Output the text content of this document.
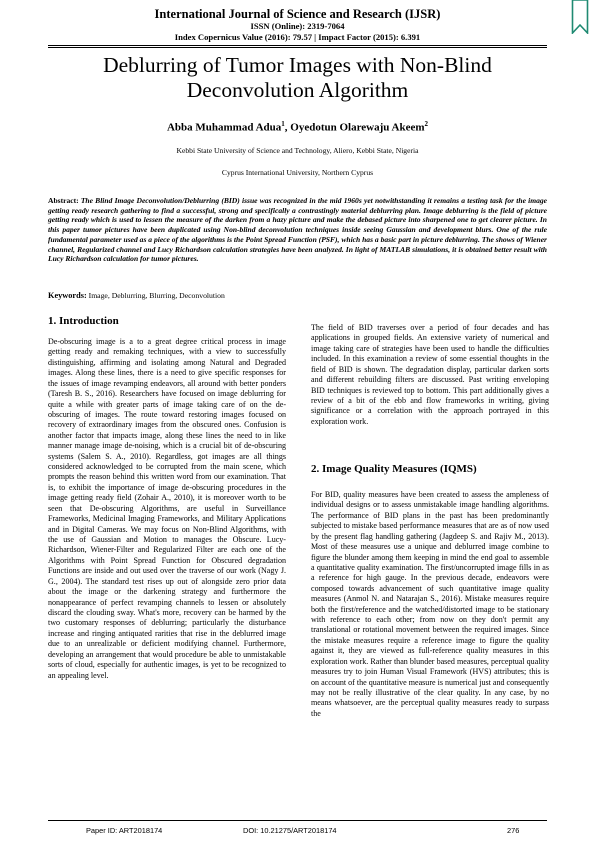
International Journal of Science and Research (IJSR)
ISSN (Online): 2319-7064
Index Copernicus Value (2016): 79.57 | Impact Factor (2015): 6.391
Deblurring of Tumor Images with Non-Blind
Deconvolution Algorithm
Abba Muhammad Adua$^1$, Oyedotun Olarewaju Akeem$^2$
Kebbi State University of Science and Technology, Aliero, Kebbi State, Nigeria
Cyprus International University, Northern Cyprus
Abstract: The Blind Image Deconvolution/Deblurring (BID) issue was recognized in the mid 1960s yet notwithstanding it remains a testing task for the image getting ready research gathering to find a successful, strong and specifically a contrastingly material deblurring plan. Image deblurring is the field of picture getting ready which is used to lessen the measure of the darken from a hazy picture and make the debased picture into sharpened one to get clearer picture. In this paper tumor pictures have been duplicated using Non-blind deconvolution techniques inside seeing Gaussian and development blurs. One of the rule fundamental parameter used as a piece of the algorithms is the Point Spread Function (PSF), which has a basic part in picture deblurring. The shows of Wiener channel, Regularized channel and Lucy Richardson calculation strategies have been analyzed. In light of MATLAB simulations, it is obtained better result with Lucy Richardson calculation for tumor pictures.
Keywords: Image, Deblurring, Blurring, Deconvolution
1. Introduction

De-obscuring image is a to a great degree critical process in image getting ready and remaking techniques, with a view to successfully distinguishing, affirming and isolating among Natural and Degraded images. Along these lines, there is a need to give specific responses for the issues of image revamping endeavors, all around with better ponders (Taresh B. S., 2016). Researchers have focused on image deblurring for quite a while with greater parts of image taking care of on the de-obscuring of images. The route toward restoring images focused on recovery of extraordinary images from the obscured ones. Confusion is another factor that impacts image, along these lines the need to in like manner manage image de-noising, which is a crucial bit of de-obscuring systems (Salem S. A., 2010). Regardless, got images are all things considered acknowledged to be corrupted from the main scene, which prompts the reason behind this written word from our examination. That is, to exhibit the importance of image de-obscuring procedures in the image getting ready field (Zohair A., 2010), it is moreover worth to be seen that De-obscuring Algorithms, are useful in Surveillance Frameworks, Medicinal Imaging Frameworks, and Military Applications and in Digital Cameras. We may focus on Non-Blind Algorithms, with the use of Gaussian and Motion to manages the Obscure. Lucy-Richardson, Wiener-Filter and Regularized Filter are each one of the Algorithms with Point Spread Function for Obscured degradation Functions are inside and out used over the traverse of our work (Nagy J. G., 2004). The standard test rises up out of alongside zero prior data about the image or the darkening strategy and furthermore the nonappearance of perfect revamping channels to lessen or absolutely discard the clouding sway. What's more, recovery can be harmed by the two customary responses of deblurring; particularly the disturbance increase and ringing antiquated rarities that rise in the deblurred image due to an unrealizable or deficient modifying channel. Furthermore, developing an arrangement that would procedure be able to unmistakable sorts of cloud, especially for authentic images, is yet to be recognized to an appealing level.

The field of BID traverses over a period of four decades and has applications in grouped fields. An extensive variety of numerical and image taking care of strategies have been used to handle the difficulties included. In this examination a review of some essential thoughts in the field of BID is shown. The degradation display, particular darken sorts and different rebuilding filters are discussed. Past writing enveloping BID techniques is reviewed top to bottom. This part additionally gives a review of a bit of the ebb and flow frameworks in writing, giving significance or a correlation with the approach portrayed in this exploration work.

2. Image Quality Measures (IQMS)

For BID, quality measures have been created to assess the ampleness of individual designs or to assess unmistakable image handling algorithms. The performance of BID plans in the past has been predominantly subjected to mistake based performance measures that are as of now used by the present flag handling gathering (Jagdeep S. and Rajiv M., 2013). Most of these measures use a unique and deblurred image combine to figure the blunder among them keeping in mind the end goal to assemble a quantitative quality examination. The first/uncorrupted image fills in as a reference for high gauge. In the previous decade, endeavors were composed towards advancement of such quantitative image quality measures (Anmol N. and Natarajan S., 2016). Mistake measures require both the first/reference and the watched/distorted image to be stationary with reference to each other; from now on they don't permit any translational or rotational movement between the required images. Since the mistake measures require a reference image to figure the quality against it, they are viewed as full-reference quality measures in this exploration work. Rather than blunder based measures, perceptual quality measures try to join Human Visual Framework (HVS) attributes; this is on account of the quantitative measure is numerical just and consequently may not be really illustrative of the clear quality. In any case, by no means whatsoever, are the perceptual quality measures ready to surpass the

Paper ID: ART2018174	DOI: 10.21275/ART2018174	276
